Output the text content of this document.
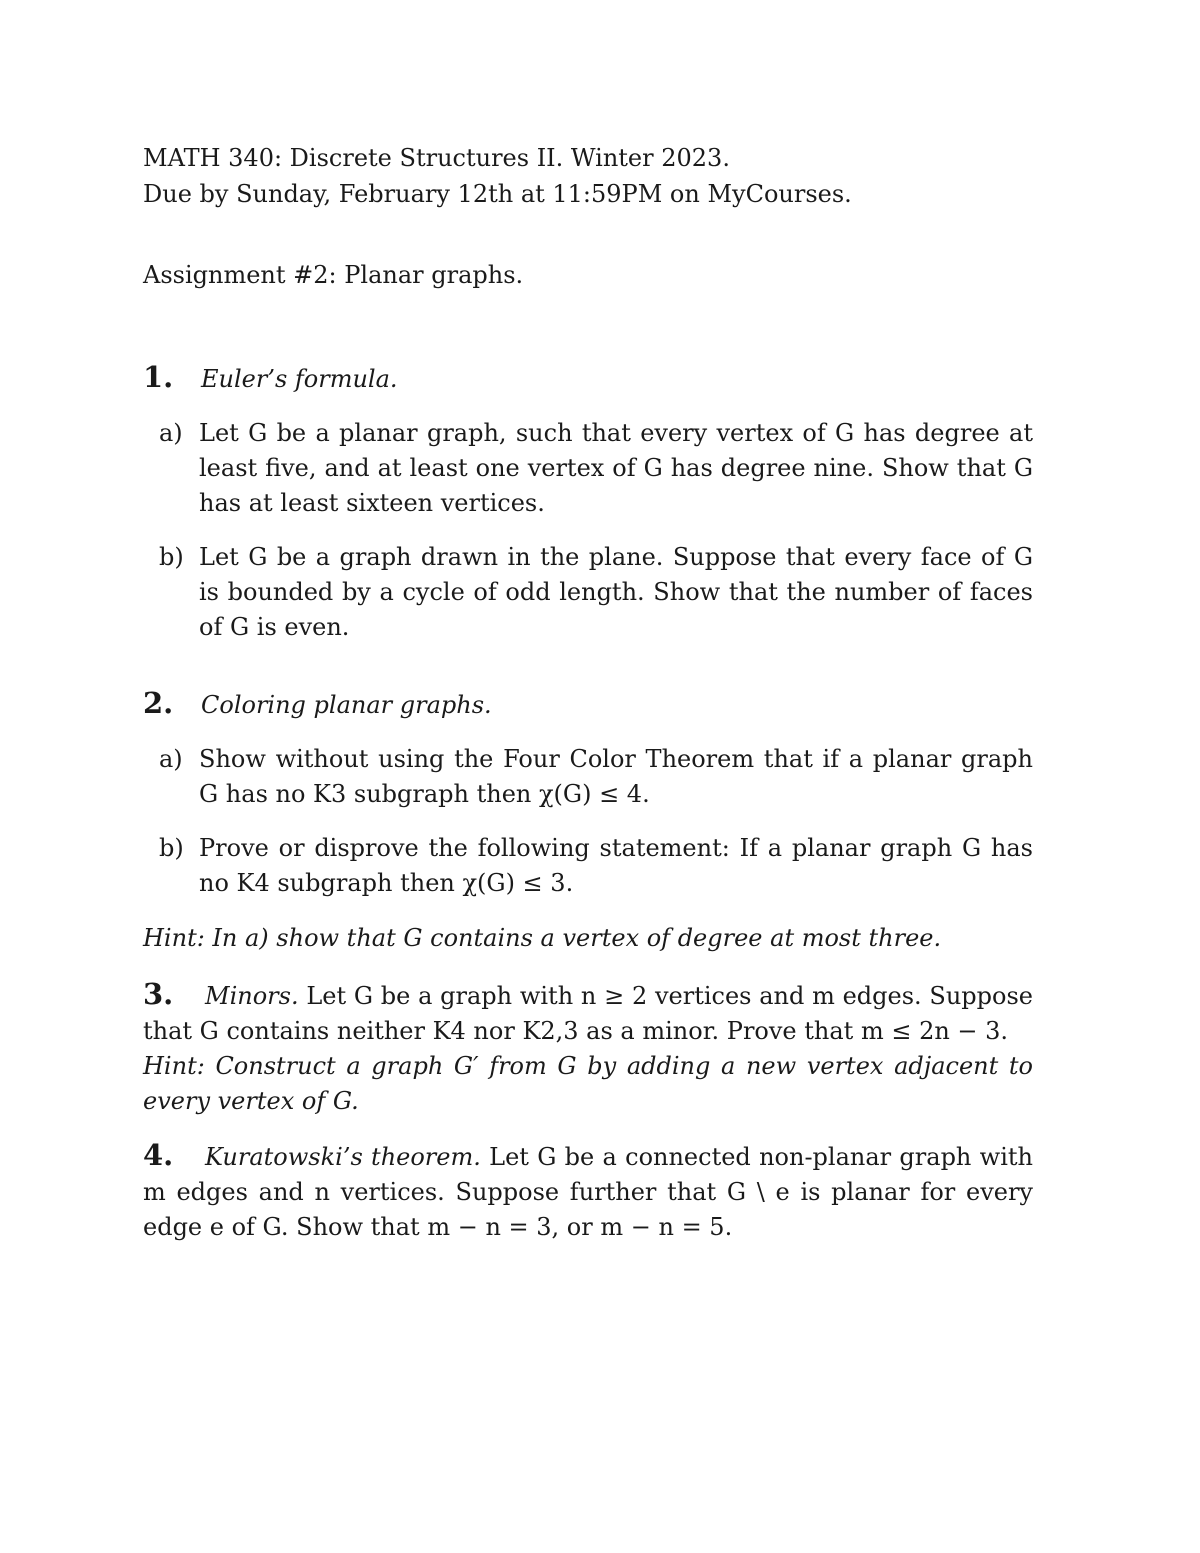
MATH 340: Discrete Structures II. Winter 2023.
Due by Sunday, February 12th at 11:59PM on MyCourses.
Assignment #2: Planar graphs.
1. Euler’s formula.
a) Let G be a planar graph, such that every vertex of G has degree at least five, and at least one vertex of G has degree nine. Show that G has at least sixteen vertices.
b) Let G be a graph drawn in the plane. Suppose that every face of G is bounded by a cycle of odd length. Show that the number of faces of G is even.
2. Coloring planar graphs.
a) Show without using the Four Color Theorem that if a planar graph G has no K3 subgraph then χ(G) ≤ 4.
b) Prove or disprove the following statement: If a planar graph G has no K4 subgraph then χ(G) ≤ 3.
Hint: In a) show that G contains a vertex of degree at most three.
3. Minors. Let G be a graph with n ≥ 2 vertices and m edges. Suppose that G contains neither K4 nor K2,3 as a minor. Prove that m ≤ 2n − 3.
Hint: Construct a graph G′ from G by adding a new vertex adjacent to every vertex of G.
4. Kuratowski’s theorem. Let G be a connected non-planar graph with m edges and n vertices. Suppose further that G \ e is planar for every edge e of G. Show that m − n = 3, or m − n = 5.
